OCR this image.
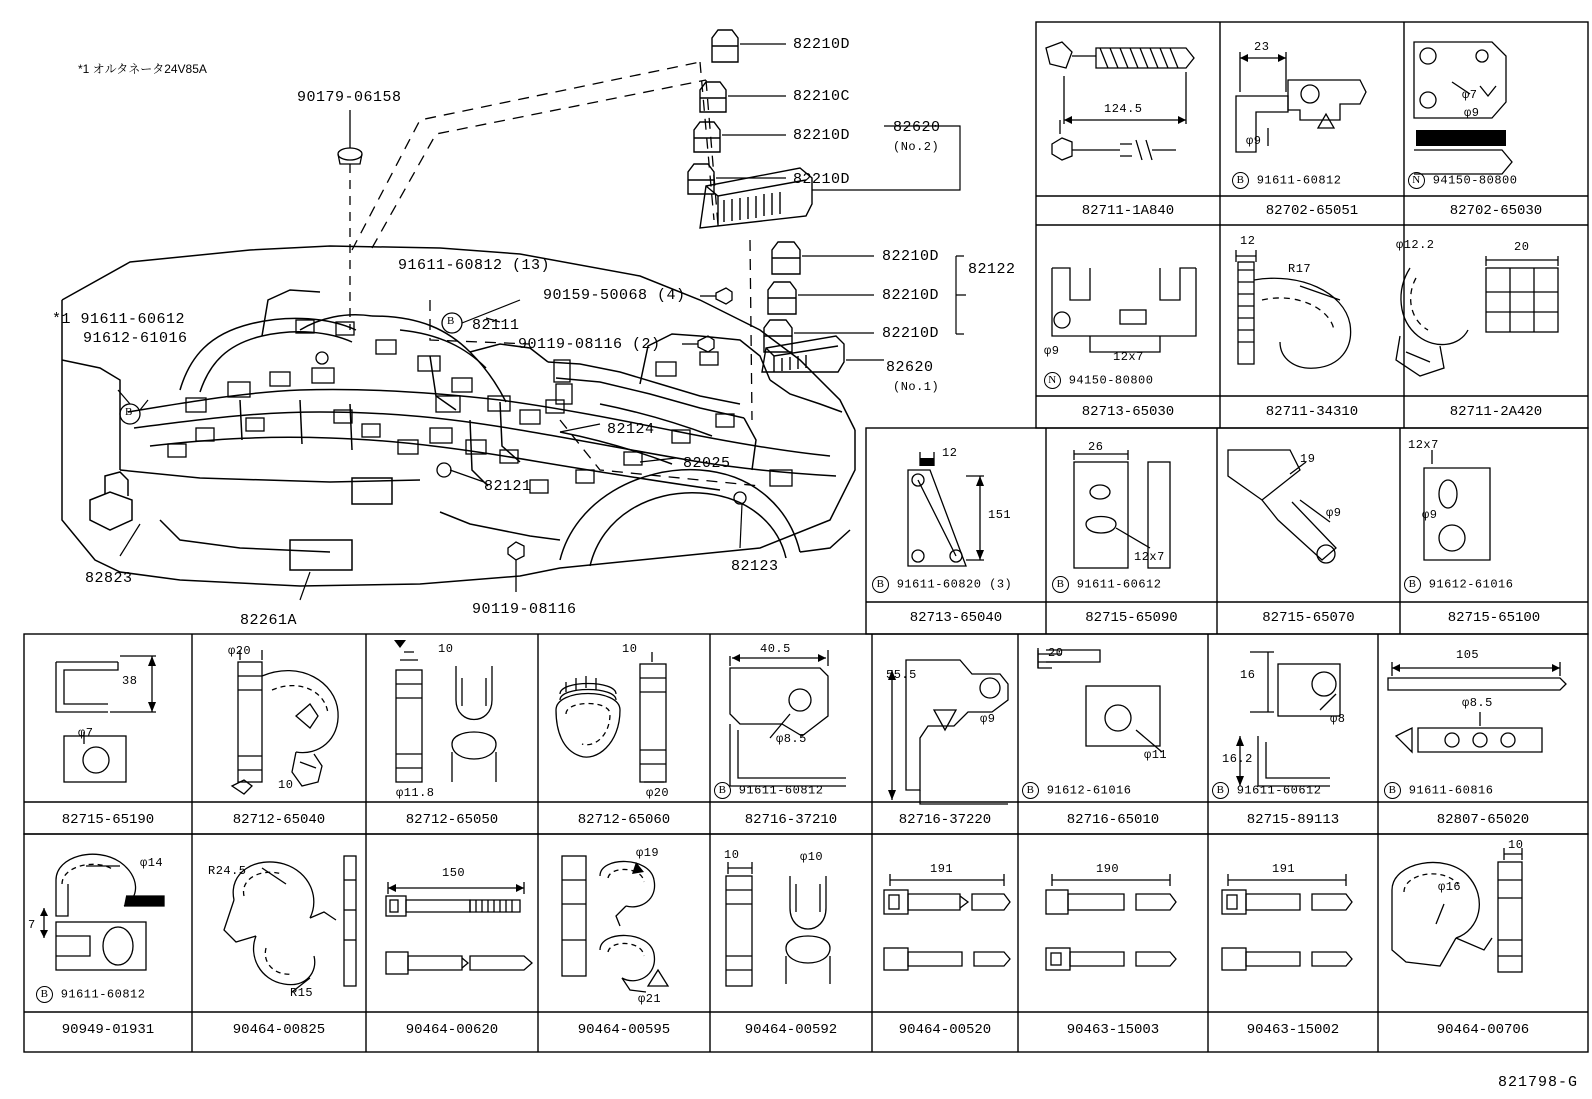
*1 オルタネータ24V85A
90179-06158
91611-60812 (13)
90159-50068 (4)
82111
90119-08116 (2)
*1 91611-60612
91612-61016
82124
82025
82121
82823
82261A
90119-08116
82123
82210D
82210C
82210D
82210D
82620
(No.2)
82210D
82210D
82210D
82122
82620
(No.1)
B
B
124.5
23
φ9
φ7
φ9
B 91611-60812	N 94150-80800
82711-1A840	82702-65051	82702-65030
φ9	12x7
12
R17
φ12.2	20
N 94150-80800
82713-65030	82711-34310	82711-2A420
12
151
26
12x7
19
φ9
12x7
φ9
B 91611-60820 (3)	B 91611-60612	B 91612-61016
82713-65040	82715-65090	82715-65070	82715-65100
38
φ7
φ20
10
10
φ11.8
10
φ20
40.5
φ8.5
55.5
φ9
20
φ11
16
16.2
φ8
105
φ8.5
B 91611-60812	B 91612-61016	B 91611-60612	B 91611-60816
82715-65190	82712-65040	82712-65050	82712-65060	82716-37210	82716-37220	82716-65010	82715-89113	82807-65020
φ14
7
R24.5
R15
150
φ19
φ21
10	φ10
191	190	191
φ16
10
B 91611-60812
90949-01931	90464-00825	90464-00620	90464-00595	90464-00592	90464-00520	90463-15003	90463-15002	90464-00706
821798-G
